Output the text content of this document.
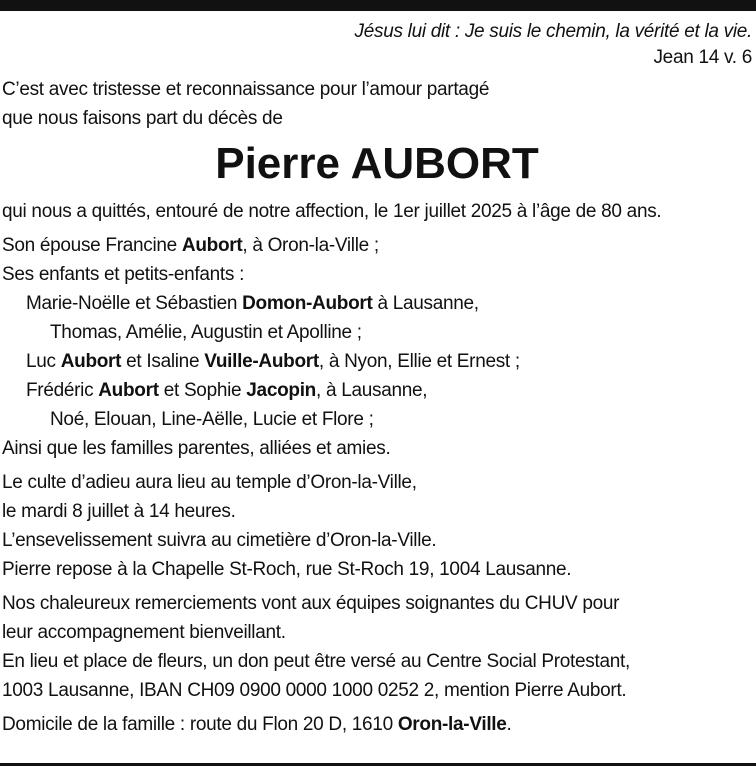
Jésus lui dit : Je suis le chemin, la vérité et la vie.
Jean 14 v. 6
C’est avec tristesse et reconnaissance pour l’amour partagé
que nous faisons part du décès de
Pierre AUBORT
qui nous a quittés, entouré de notre affection, le 1er juillet 2025 à l’âge de 80 ans.
Son épouse Francine Aubort, à Oron-la-Ville ;
Ses enfants et petits-enfants :
Marie-Noëlle et Sébastien Domon-Aubort à Lausanne,
Thomas, Amélie, Augustin et Apolline ;
Luc Aubort et Isaline Vuille-Aubort, à Nyon, Ellie et Ernest ;
Frédéric Aubort et Sophie Jacopin, à Lausanne,
Noé, Elouan, Line-Aëlle, Lucie et Flore ;
Ainsi que les familles parentes, alliées et amies.
Le culte d’adieu aura lieu au temple d’Oron-la-Ville,
le mardi 8 juillet à 14 heures.
L’ensevelissement suivra au cimetière d’Oron-la-Ville.
Pierre repose à la Chapelle St-Roch, rue St-Roch 19, 1004 Lausanne.
Nos chaleureux remerciements vont aux équipes soignantes du CHUV pour
leur accompagnement bienveillant.
En lieu et place de fleurs, un don peut être versé au Centre Social Protestant,
1003 Lausanne, IBAN CH09 0900 0000 1000 0252 2, mention Pierre Aubort.
Domicile de la famille : route du Flon 20 D, 1610 Oron-la-Ville.
